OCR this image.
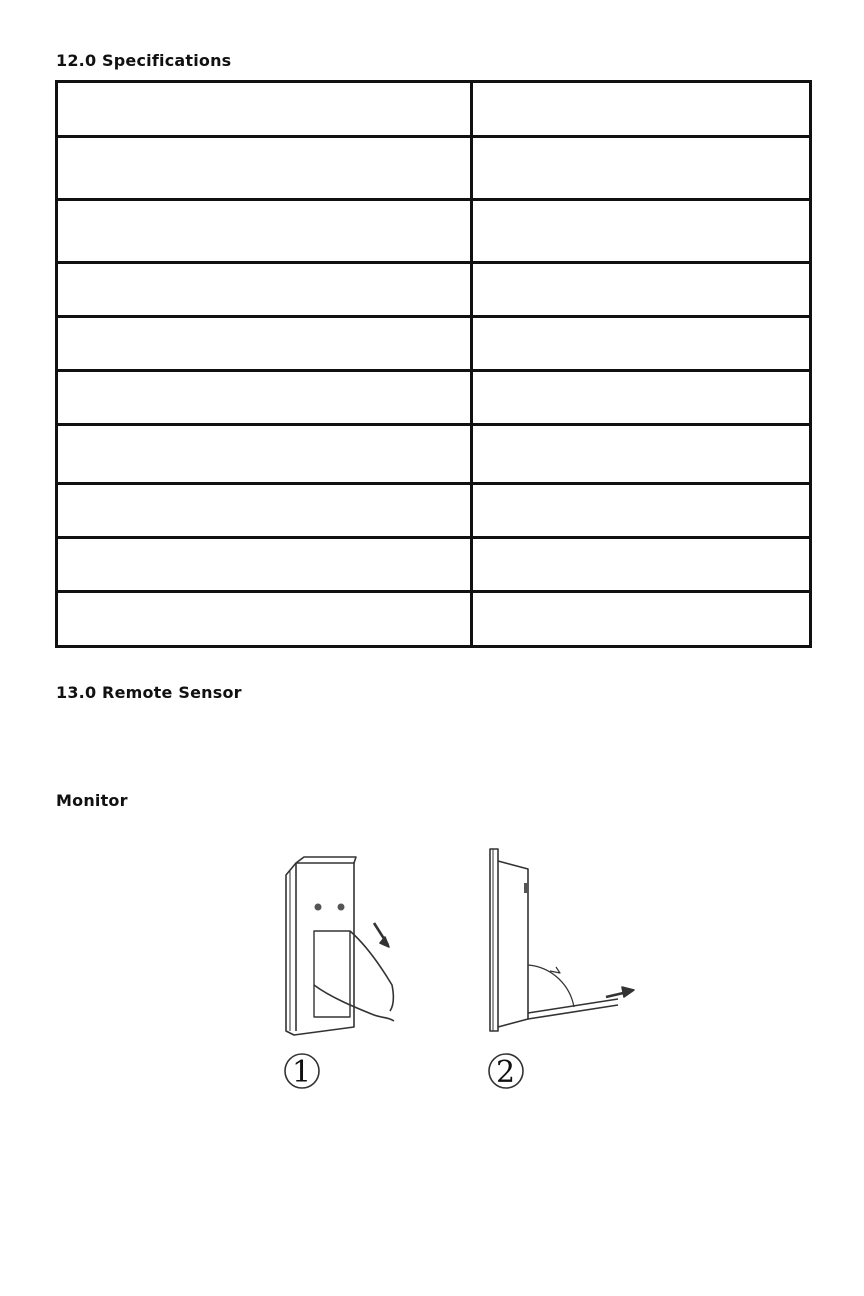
12.0 Specifications

13.0 Remote Sensor
Monitor
1	2
